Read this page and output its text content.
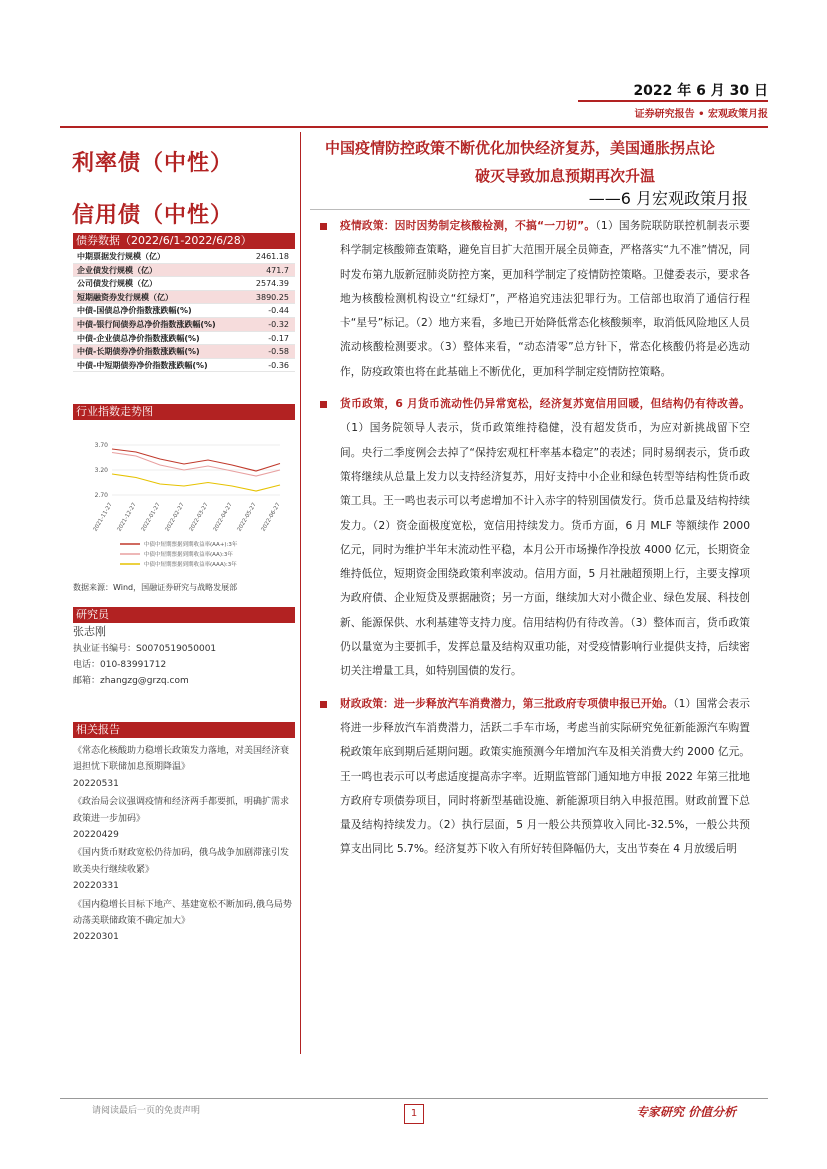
2022 年 6 月 30 日
证券研究报告 • 宏观政策月报
利率债（中性）
信用债（中性）
中国疫情防控政策不断优化加快经济复苏，美国通胀拐点论
破灭导致加息预期再次升温
——6 月宏观政策月报
债券数据（2022/6/1-2022/6/28）
中期票据发行规模（亿）	2461.18
企业债发行规模（亿）	471.7
公司债发行规模（亿）	2574.39
短期融资券发行规模（亿）	3890.25
中债-国债总净价指数涨跌幅(%)	-0.44
中债-银行间债券总净价指数涨跌幅(%)	-0.32
中债-企业债总净价指数涨跌幅(%)	-0.17
中债-长期债券净价指数涨跌幅(%)	-0.58
中债-中短期债券净价指数涨跌幅(%)	-0.36
行业指数走势图
3.70
3.20
2.70
2021-11-27 2021-12-27 2022-01-27 2022-02-27 2022-03-27 2022-04-27 2022-05-27 2022-06-27
中债中短期票据到期收益率(AA+):3年
中债中短期票据到期收益率(AA):3年
中债中短期票据到期收益率(AAA):3年
数据来源：Wind，国融证券研究与战略发展部
研究员
张志刚
执业证书编号：S0070519050001
电话：010-83991712
邮箱：zhangzg@grzq.com
相关报告
《常态化核酸助力稳增长政策发力落地，对美国经济衰退担忧下联储加息预期降温》
20220531
《政治局会议强调疫情和经济两手都要抓，明确扩需求政策进一步加码》
20220429
《国内货币财政宽松仍待加码，俄乌战争加剧滞涨引发欧美央行继续收紧》
20220331
《国内稳增长目标下地产、基建宽松不断加码,俄乌局势动荡美联储政策不确定加大》
20220301
疫情政策：因时因势制定核酸检测，不搞“一刀切”。（1）国务院联防联控机制表示要科学制定核酸筛查策略，避免盲目扩大范围开展全员筛查，严格落实“九不准”情况，同时发布第九版新冠肺炎防控方案，更加科学制定了疫情防控策略。卫健委表示，要求各地为核酸检测机构设立“红绿灯”，严格追究违法犯罪行为。工信部也取消了通信行程卡“星号”标记。（2）地方来看，多地已开始降低常态化核酸频率，取消低风险地区人员流动核酸检测要求。（3）整体来看，“动态清零”总方针下，常态化核酸仍将是必选动作，防疫政策也将在此基础上不断优化，更加科学制定疫情防控策略。
货币政策，6 月货币流动性仍异常宽松，经济复苏宽信用回暖，但结构仍有待改善。（1）国务院领导人表示，货币政策维持稳健，没有超发货币，为应对新挑战留下空间。央行二季度例会去掉了“保持宏观杠杆率基本稳定”的表述；同时易纲表示，货币政策将继续从总量上发力以支持经济复苏，用好支持中小企业和绿色转型等结构性货币政策工具。王一鸣也表示可以考虑增加不计入赤字的特别国债发行。货币总量及结构持续发力。（2）资金面极度宽松，宽信用持续发力。货币方面，6 月 MLF 等额续作 2000 亿元，同时为维护半年末流动性平稳，本月公开市场操作净投放 4000 亿元，长期资金维持低位，短期资金围绕政策利率波动。信用方面，5 月社融超预期上行，主要支撑项为政府债、企业短贷及票据融资；另一方面，继续加大对小微企业、绿色发展、科技创新、能源保供、水利基建等支持力度。信用结构仍有待改善。（3）整体而言，货币政策仍以量宽为主要抓手，发挥总量及结构双重功能，对受疫情影响行业提供支持，后续密切关注增量工具，如特别国债的发行。
财政政策：进一步释放汽车消费潜力，第三批政府专项债申报已开始。（1）国常会表示将进一步释放汽车消费潜力，活跃二手车市场，考虑当前实际研究免征新能源汽车购置税政策年底到期后延期问题。政策实施预测今年增加汽车及相关消费大约 2000 亿元。王一鸣也表示可以考虑适度提高赤字率。近期监管部门通知地方申报 2022 年第三批地方政府专项债券项目，同时将新型基础设施、新能源项目纳入申报范围。财政前置下总量及结构持续发力。（2）执行层面，5 月一般公共预算收入同比-32.5%，一般公共预算支出同比 5.7%。经济复苏下收入有所好转但降幅仍大，支出节奏在 4 月放缓后明
请阅读最后一页的免责声明	1	专家研究 价值分析
